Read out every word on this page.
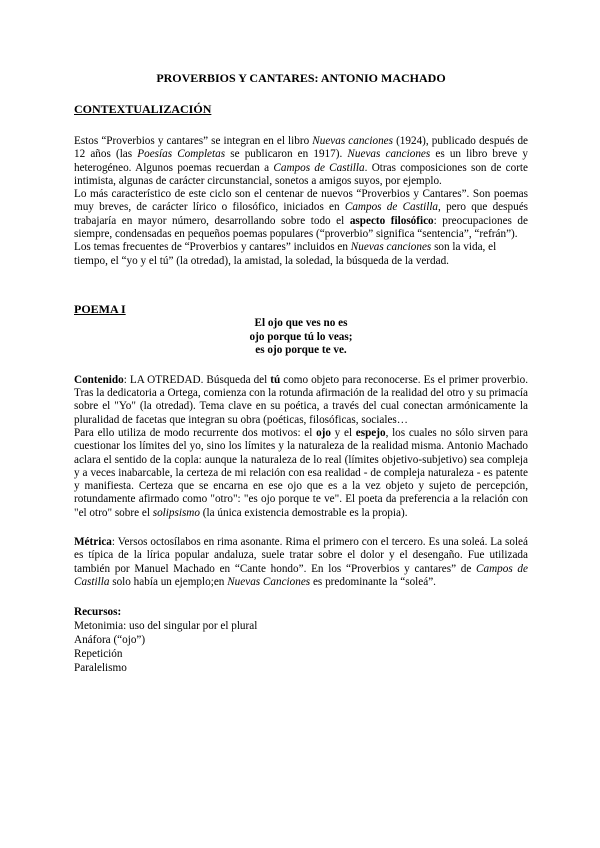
PROVERBIOS Y CANTARES: ANTONIO MACHADO
CONTEXTUALIZACIÓN

Estos “Proverbios y cantares” se integran en el libro Nuevas canciones (1924), publicado después de 12 años (las Poesías Completas se publicaron en 1917). Nuevas canciones es un libro breve y heterogéneo. Algunos poemas recuerdan a Campos de Castilla. Otras composiciones son de corte intimista, algunas de carácter circunstancial, sonetos a amigos suyos, por ejemplo.

Lo más característico de este ciclo son el centenar de nuevos “Proverbios y Cantares”. Son poemas muy breves, de carácter lírico o filosófico, iniciados en Campos de Castilla, pero que después trabajaría en mayor número, desarrollando sobre todo el aspecto filosófico: preocupaciones de siempre, condensadas en pequeños poemas populares (“proverbio” significa “sentencia”, “refrán”).

Los temas frecuentes de “Proverbios y cantares” incluidos en Nuevas canciones son la vida, el tiempo, el “yo y el tú” (la otredad), la amistad, la soledad, la búsqueda de la verdad.

POEMA I
El ojo que ves no es
ojo porque tú lo veas;
es ojo porque te ve.

Contenido: LA OTREDAD. Búsqueda del tú como objeto para reconocerse. Es el primer proverbio. Tras la dedicatoria a Ortega, comienza con la rotunda afirmación de la realidad del otro y su primacía sobre el "Yo" (la otredad). Tema clave en su poética, a través del cual conectan armónicamente la pluralidad de facetas que integran su obra (poéticas, filosóficas, sociales…

Para ello utiliza de modo recurrente dos motivos: el ojo y el espejo, los cuales no sólo sirven para cuestionar los límites del yo, sino los límites y la naturaleza de la realidad misma. Antonio Machado aclara el sentido de la copla: aunque la naturaleza de lo real (límites objetivo-subjetivo) sea compleja y a veces inabarcable, la certeza de mi relación con esa realidad - de compleja naturaleza - es patente y manifiesta. Certeza que se encarna en ese ojo que es a la vez objeto y sujeto de percepción, rotundamente afirmado como "otro": "es ojo porque te ve". El poeta da preferencia a la relación con "el otro" sobre el solipsismo (la única existencia demostrable es la propia).

Métrica: Versos octosílabos en rima asonante. Rima el primero con el tercero. Es una soleá. La soleá es típica de la lírica popular andaluza, suele tratar sobre el dolor y el desengaño. Fue utilizada también por Manuel Machado en “Cante hondo”. En los “Proverbios y cantares” de Campos de Castilla solo había un ejemplo;en Nuevas Canciones es predominante la “soleá”.

Recursos:
Metonimia: uso del singular por el plural
Anáfora (“ojo”)
Repetición
Paralelismo
